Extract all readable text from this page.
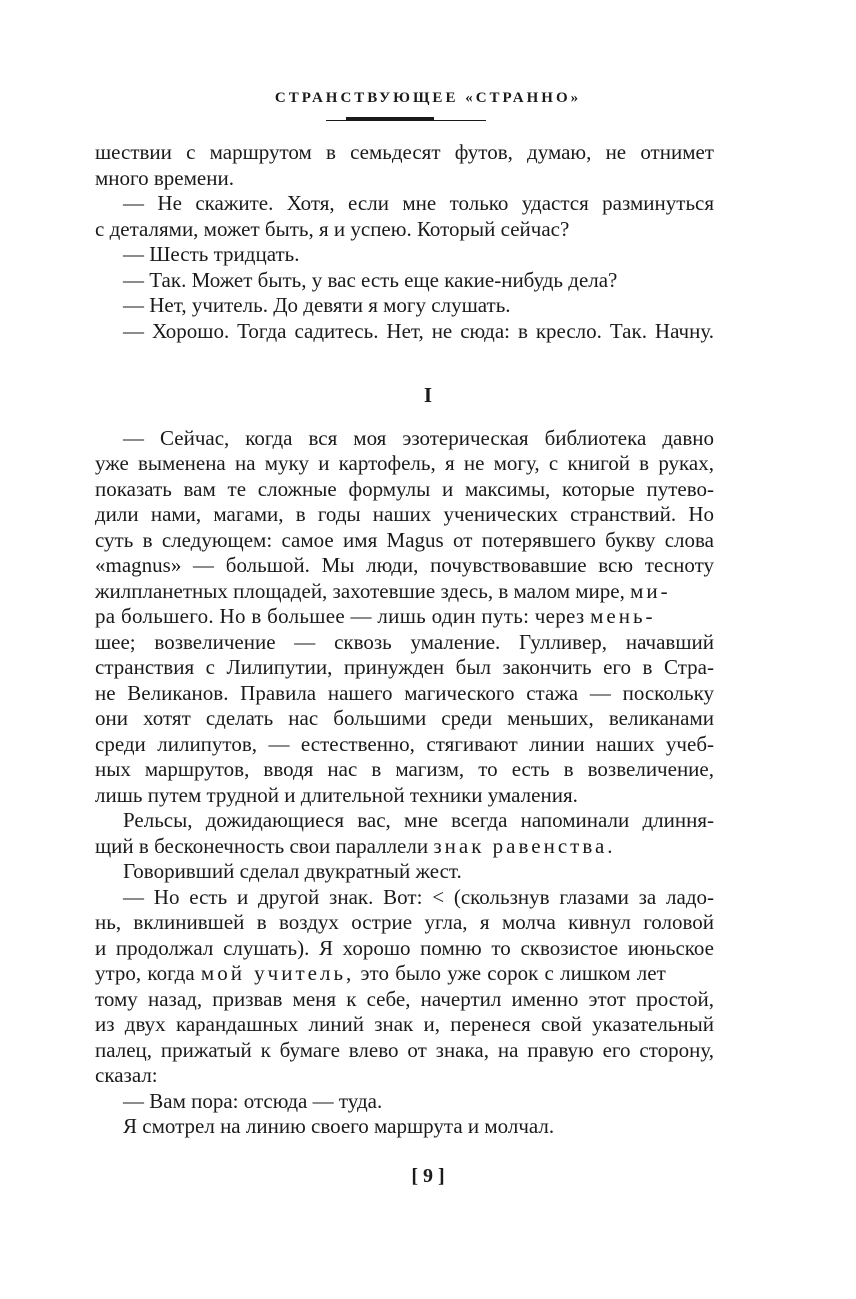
СТРАНСТВУЮЩЕЕ «СТРАННО»
шествии с маршрутом в семьдесят футов, думаю, не отнимет
много времени.
— Не скажите. Хотя, если мне только удастся разминуться
с деталями, может быть, я и успею. Который сейчас?
— Шесть тридцать.
— Так. Может быть, у вас есть еще какие-нибудь дела?
— Нет, учитель. До девяти я могу слушать.
— Хорошо. Тогда садитесь. Нет, не сюда: в кресло. Так. Начну.
I
— Сейчас, когда вся моя эзотерическая библиотека давно
уже выменена на муку и картофель, я не могу, с книгой в руках,
показать вам те сложные формулы и максимы, которые путево-
дили нами, магами, в годы наших ученических странствий. Но
суть в следующем: самое имя Magus от потерявшего букву слова
«magnus» — большой. Мы люди, почувствовавшие всю тесноту
жилпланетных площадей, захотевшие здесь, в малом мире, ми-
ра большего. Но в большее — лишь один путь: через мень-
шее; возвеличение — сквозь умаление. Гулливер, начавший
странствия с Лилипутии, принужден был закончить его в Стра-
не Великанов. Правила нашего магического стажа — поскольку
они хотят сделать нас большими среди меньших, великанами
среди лилипутов, — естественно, стягивают линии наших учеб-
ных маршрутов, вводя нас в магизм, то есть в возвеличение,
лишь путем трудной и длительной техники умаления.
Рельсы, дожидающиеся вас, мне всегда напоминали длиння-
щий в бесконечность свои параллели знак равенства.
Говоривший сделал двукратный жест.
— Но есть и другой знак. Вот: < (скользнув глазами за ладо-
нь, вклинившей в воздух острие угла, я молча кивнул головой
и продолжал слушать). Я хорошо помню то сквозистое июньское
утро, когда мой учитель, это было уже сорок с лишком лет
тому назад, призвав меня к себе, начертил именно этот простой,
из двух карандашных линий знак и, перенеся свой указательный
палец, прижатый к бумаге влево от знака, на правую его сторону,
сказал:
— Вам пора: отсюда — туда.
Я смотрел на линию своего маршрута и молчал.
[ 9 ]
